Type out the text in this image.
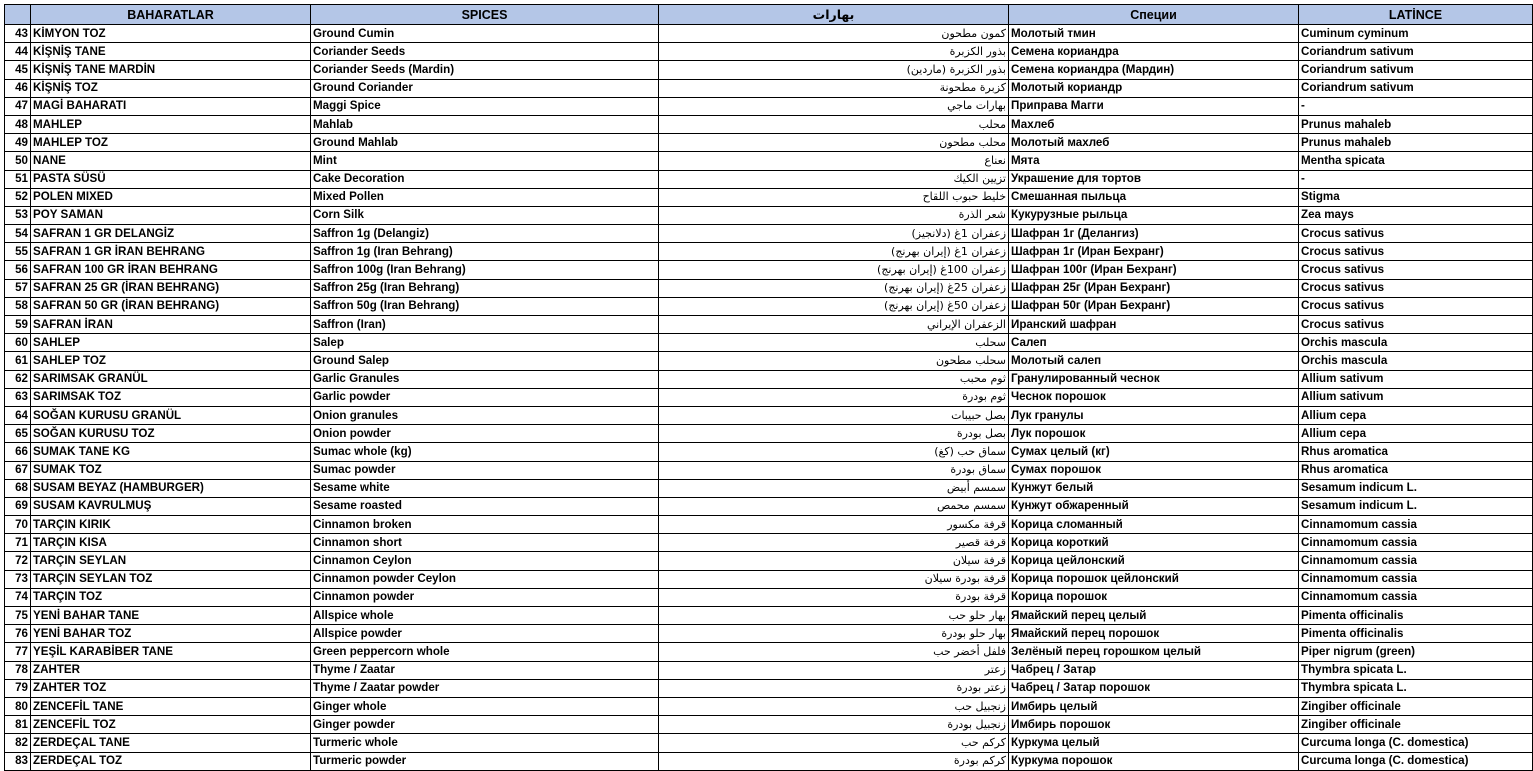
	BAHARATLAR	SPICES	بهارات	Специи	LATİNCE
43	KİMYON TOZ	Ground Cumin	كمون مطحون	Молотый тмин	Cuminum cyminum
44	KİŞNİŞ TANE	Coriander Seeds	بذور الكزبرة	Семена кориандра	Coriandrum sativum
45	KİŞNİŞ TANE MARDİN	Coriander Seeds (Mardin)	بذور الكزبرة (ماردين)	Семена кориандра (Мардин)	Coriandrum sativum
46	KİŞNİŞ TOZ	Ground Coriander	كزبرة مطحونة	Молотый кориандр	Coriandrum sativum
47	MAGİ BAHARATI	Maggi Spice	بهارات ماجي	Приправа Магги	-
48	MAHLEP	Mahlab	محلب	Махлеб	Prunus mahaleb
49	MAHLEP TOZ	Ground Mahlab	محلب مطحون	Молотый махлеб	Prunus mahaleb
50	NANE	Mint	نعناع	Мята	Mentha spicata
51	PASTA SÜSÜ	Cake Decoration	تزيين الكيك	Украшение для тортов	-
52	POLEN MIXED	Mixed Pollen	خليط حبوب اللقاح	Смешанная пыльца	Stigma
53	POY SAMAN	Corn Silk	شعر الذرة	Кукурузные рыльца	Zea mays
54	SAFRAN 1 GR DELANGİZ	Saffron 1g (Delangiz)	زعفران 1غ (دلانجيز)	Шафран 1г (Делангиз)	Crocus sativus
55	SAFRAN 1 GR İRAN BEHRANG	Saffron 1g (Iran Behrang)	زعفران 1غ (إيران بهرنج)	Шафран 1г (Иран Бехранг)	Crocus sativus
56	SAFRAN 100 GR İRAN BEHRANG	Saffron 100g (Iran Behrang)	زعفران 100غ (إيران بهرنج)	Шафран 100г (Иран Бехранг)	Crocus sativus
57	SAFRAN 25 GR (İRAN BEHRANG)	Saffron 25g (Iran Behrang)	زعفران 25غ (إيران بهرنج)	Шафран 25г (Иран Бехранг)	Crocus sativus
58	SAFRAN 50 GR (İRAN BEHRANG)	Saffron 50g (Iran Behrang)	زعفران 50غ (إيران بهرنج)	Шафран 50г (Иран Бехранг)	Crocus sativus
59	SAFRAN İRAN	Saffron (Iran)	الزعفران الإيراني	Иранский шафран	Crocus sativus
60	SAHLEP	Salep	سحلب	Салеп	Orchis mascula
61	SAHLEP TOZ	Ground Salep	سحلب مطحون	Молотый салеп	Orchis mascula
62	SARIMSAK GRANÜL	Garlic Granules	ثوم محبب	Гранулированный чеснок	Allium sativum
63	SARIMSAK TOZ	Garlic powder	ثوم بودرة	Чеснок порошок	Allium sativum
64	SOĞAN KURUSU GRANÜL	Onion granules	بصل حبيبات	Лук гранулы	Allium cepa
65	SOĞAN KURUSU TOZ	Onion powder	بصل بودرة	Лук порошок	Allium cepa
66	SUMAK TANE KG	Sumac whole (kg)	سماق حب (كغ)	Сумах целый (кг)	Rhus aromatica
67	SUMAK TOZ	Sumac powder	سماق بودرة	Сумах порошок	Rhus aromatica
68	SUSAM BEYAZ (HAMBURGER)	Sesame white	سمسم أبيض	Кунжут белый	Sesamum indicum L.
69	SUSAM KAVRULMUŞ	Sesame roasted	سمسم محمص	Кунжут обжаренный	Sesamum indicum L.
70	TARÇIN KIRIK	Cinnamon broken	قرفة مكسور	Корица сломанный	Cinnamomum cassia
71	TARÇIN KISA	Cinnamon short	قرفة قصير	Корица короткий	Cinnamomum cassia
72	TARÇIN SEYLAN	Cinnamon Ceylon	قرفة سيلان	Корица цейлонский	Cinnamomum cassia
73	TARÇIN SEYLAN TOZ	Cinnamon powder Ceylon	قرفة بودرة سيلان	Корица порошок цейлонский	Cinnamomum cassia
74	TARÇIN TOZ	Cinnamon powder	قرفة بودرة	Корица порошок	Cinnamomum cassia
75	YENİ BAHAR TANE	Allspice whole	بهار حلو حب	Ямайский перец целый	Pimenta officinalis
76	YENİ BAHAR TOZ	Allspice powder	بهار حلو بودرة	Ямайский перец порошок	Pimenta officinalis
77	YEŞİL KARABİBER TANE	Green peppercorn whole	فلفل أخضر حب	Зелёный перец горошком целый	Piper nigrum (green)
78	ZAHTER	Thyme / Zaatar	زعتر	Чабрец / Затар	Thymbra spicata L.
79	ZAHTER TOZ	Thyme / Zaatar powder	زعتر بودرة	Чабрец / Затар порошок	Thymbra spicata L.
80	ZENCEFİL TANE	Ginger whole	زنجبيل حب	Имбирь целый	Zingiber officinale
81	ZENCEFİL TOZ	Ginger powder	زنجبيل بودرة	Имбирь порошок	Zingiber officinale
82	ZERDEÇAL TANE	Turmeric whole	كركم حب	Куркума целый	Curcuma longa (C. domestica)
83	ZERDEÇAL TOZ	Turmeric powder	كركم بودرة	Куркума порошок	Curcuma longa (C. domestica)
